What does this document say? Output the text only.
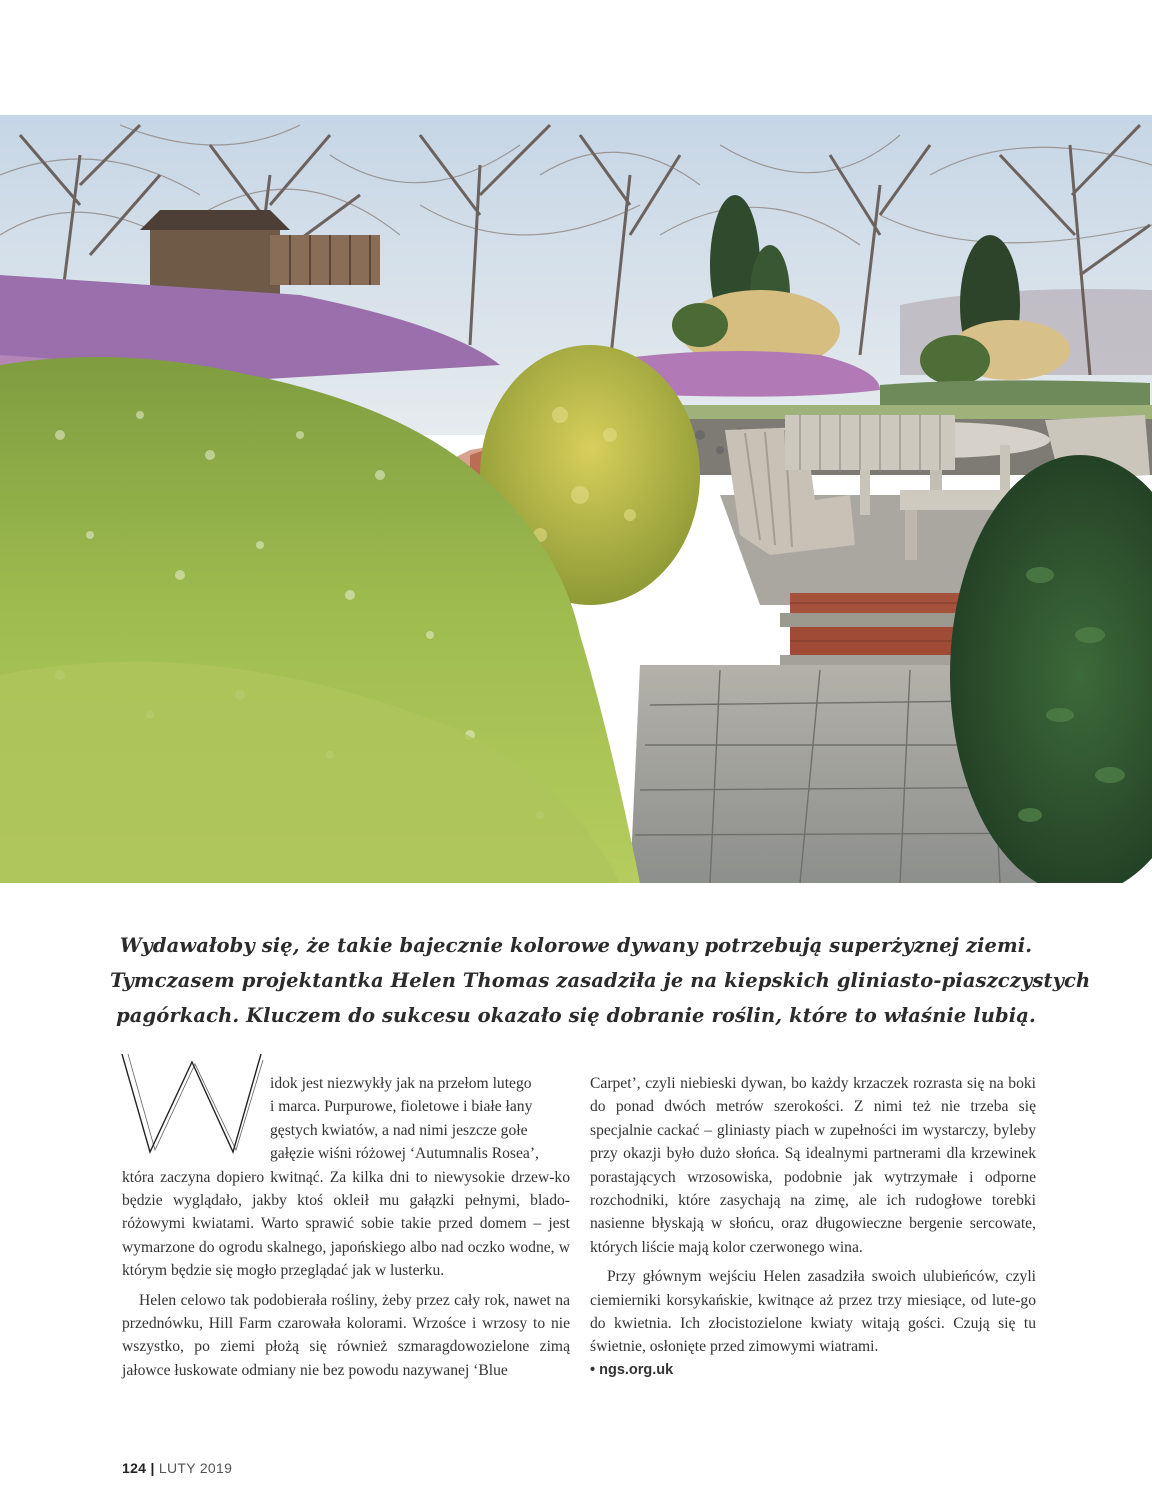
Wydawałoby się, że takie bajecznie kolorowe dywany potrzebują superżyznej ziemi.

Tymczasem projektantka Helen Thomas zasadziła je na kiepskich gliniasto-piaszczystych

pagórkach. Kluczem do sukcesu okazało się dobranie roślin, które to właśnie lubią.

W

idok jest niezwykły jak na przełom lutego

i marca. Purpurowe, fioletowe i białe łany

gęstych kwiatów, a nad nimi jeszcze gołe

gałęzie wiśni różowej ‘Autumnalis Rosea’,

która zaczyna dopiero kwitnąć. Za kilka dni to niewysokie drzew-ko będzie wyglądało, jakby ktoś okleił mu gałązki pełnymi, blado-różowymi kwiatami. Warto sprawić sobie takie przed domem – jest wymarzone do ogrodu skalnego, japońskiego albo nad oczko wodne, w którym będzie się mogło przeglądać jak w lusterku.

Helen celowo tak podobierała rośliny, żeby przez cały rok, nawet na przednówku, Hill Farm czarowała kolorami. Wrzośce i wrzosy to nie wszystko, po ziemi płożą się również szmaragdowozielone zimą jałowce łuskowate odmiany nie bez powodu nazywanej ‘Blue

Carpet’, czyli niebieski dywan, bo każdy krzaczek rozrasta się na boki do ponad dwóch metrów szerokości. Z nimi też nie trzeba się specjalnie cackać – gliniasty piach w zupełności im wystarczy, byleby przy okazji było dużo słońca. Są idealnymi partnerami dla krzewinek porastających wrzosowiska, podobnie jak wytrzymałe i odporne rozchodniki, które zasychają na zimę, ale ich rudogłowe torebki nasienne błyskają w słońcu, oraz długowieczne bergenie sercowate, których liście mają kolor czerwonego wina.

Przy głównym wejściu Helen zasadziła swoich ulubieńców, czyli ciemierniki korsykańskie, kwitnące aż przez trzy miesiące, od lute-go do kwietnia. Ich złocistozielone kwiaty witają gości. Czują się tu świetnie, osłonięte przed zimowymi wiatrami.

• ngs.org.uk

124 | LUTY 2019
